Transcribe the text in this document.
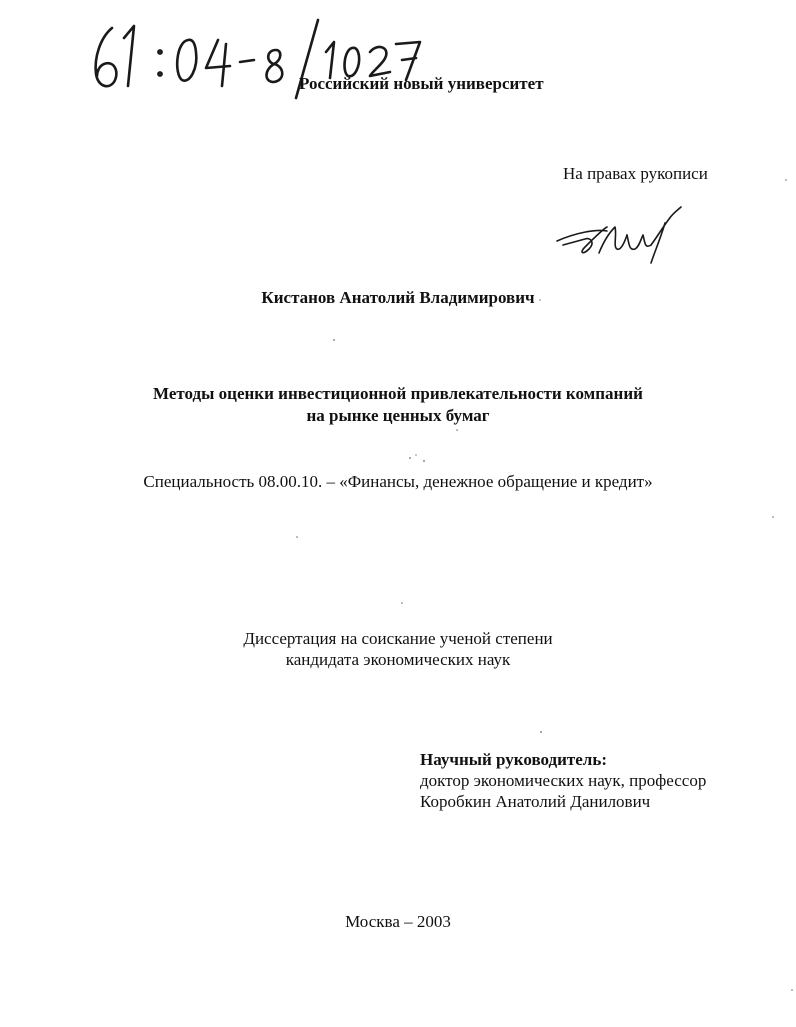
Российский новый университет
На правах рукописи
Кистанов Анатолий Владимирович
Методы оценки инвестиционной привлекательности компаний
на рынке ценных бумаг
Специальность 08.00.10. – «Финансы, денежное обращение и кредит»
Диссертация на соискание ученой степени
кандидата экономических наук
Научный руководитель:
доктор экономических наук, профессор
Коробкин Анатолий Данилович
Москва – 2003
